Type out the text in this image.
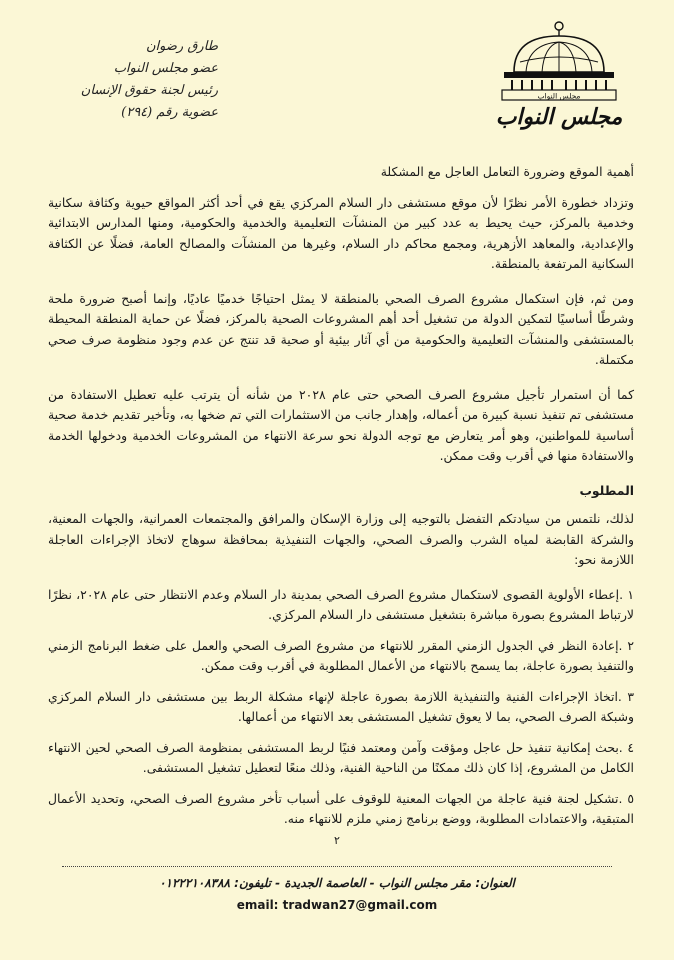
طارق رضوان
عضو مجلس النواب
رئيس لجنة حقوق الإنسان
عضوية رقم (٢٩٤)
مجلس النواب
مجلس النواب

أهمية الموقع وضرورة التعامل العاجل مع المشكلة

وتزداد خطورة الأمر نظرًا لأن موقع مستشفى دار السلام المركزي يقع في أحد أكثر المواقع حيوية وكثافة سكانية وخدمية بالمركز، حيث يحيط به عدد كبير من المنشآت التعليمية والخدمية والحكومية، ومنها المدارس الابتدائية والإعدادية، والمعاهد الأزهرية، ومجمع محاكم دار السلام، وغيرها من المنشآت والمصالح العامة، فضلًا عن الكثافة السكانية المرتفعة بالمنطقة.

ومن ثم، فإن استكمال مشروع الصرف الصحي بالمنطقة لا يمثل احتياجًا خدميًا عاديًا، وإنما أصبح ضرورة ملحة وشرطًا أساسيًا لتمكين الدولة من تشغيل أحد أهم المشروعات الصحية بالمركز، فضلًا عن حماية المنطقة المحيطة بالمستشفى والمنشآت التعليمية والحكومية من أي آثار بيئية أو صحية قد تنتج عن عدم وجود منظومة صرف صحي مكتملة.

كما أن استمرار تأجيل مشروع الصرف الصحي حتى عام ٢٠٢٨ من شأنه أن يترتب عليه تعطيل الاستفادة من مستشفى تم تنفيذ نسبة كبيرة من أعماله، وإهدار جانب من الاستثمارات التي تم ضخها به، وتأخير تقديم خدمة صحية أساسية للمواطنين، وهو أمر يتعارض مع توجه الدولة نحو سرعة الانتهاء من المشروعات الخدمية ودخولها الخدمة والاستفادة منها في أقرب وقت ممكن.

المطلوب

لذلك، نلتمس من سيادتكم التفضل بالتوجيه إلى وزارة الإسكان والمرافق والمجتمعات العمرانية، والجهات المعنية، والشركة القابضة لمياه الشرب والصرف الصحي، والجهات التنفيذية بمحافظة سوهاج لاتخاذ الإجراءات العاجلة اللازمة نحو:

١ .إعطاء الأولوية القصوى لاستكمال مشروع الصرف الصحي بمدينة دار السلام وعدم الانتظار حتى عام ٢٠٢٨، نظرًا لارتباط المشروع بصورة مباشرة بتشغيل مستشفى دار السلام المركزي.

٢ .إعادة النظر في الجدول الزمني المقرر للانتهاء من مشروع الصرف الصحي والعمل على ضغط البرنامج الزمني والتنفيذ بصورة عاجلة، بما يسمح بالانتهاء من الأعمال المطلوبة في أقرب وقت ممكن.

٣ .اتخاذ الإجراءات الفنية والتنفيذية اللازمة بصورة عاجلة لإنهاء مشكلة الربط بين مستشفى دار السلام المركزي وشبكة الصرف الصحي، بما لا يعوق تشغيل المستشفى بعد الانتهاء من أعمالها.

٤ .بحث إمكانية تنفيذ حل عاجل ومؤقت وآمن ومعتمد فنيًا لربط المستشفى بمنظومة الصرف الصحي لحين الانتهاء الكامل من المشروع، إذا كان ذلك ممكنًا من الناحية الفنية، وذلك منعًا لتعطيل تشغيل المستشفى.

٥ .تشكيل لجنة فنية عاجلة من الجهات المعنية للوقوف على أسباب تأخر مشروع الصرف الصحي، وتحديد الأعمال المتبقية، والاعتمادات المطلوبة، ووضع برنامج زمني ملزم للانتهاء منه.

٢
العنوان: مقر مجلس النواب - العاصمة الجديدة - تليفون: ٠١٢٢٢١٠٨٣٨٨
email: tradwan27@gmail.com
